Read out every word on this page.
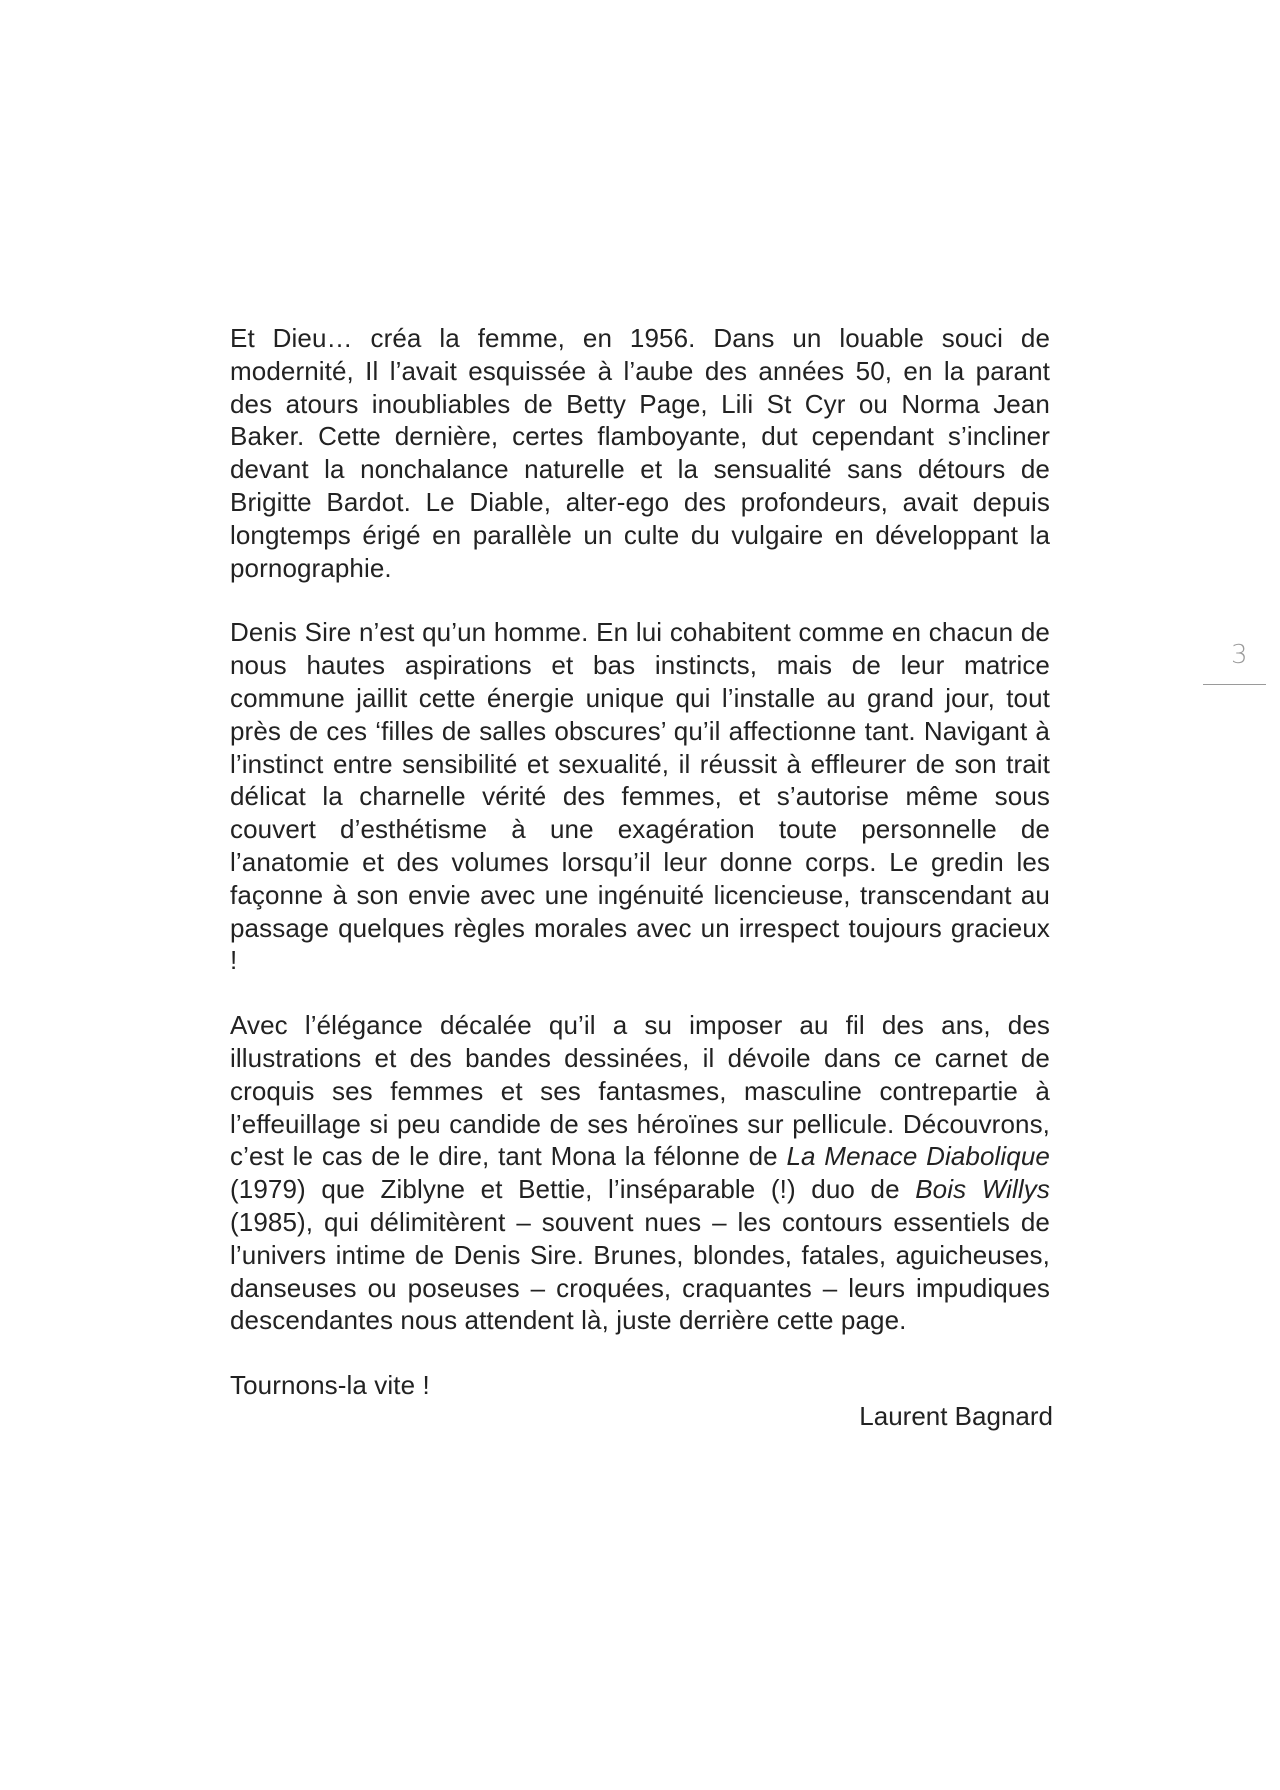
Et Dieu… créa la femme, en 1956. Dans un louable souci de modernité, Il l’avait esquissée à l’aube des années 50, en la parant des atours inoubliables de Betty Page, Lili St Cyr ou Norma Jean Baker. Cette dernière, certes flamboyante, dut cependant s’incliner devant la nonchalance naturelle et la sensualité sans détours de Brigitte Bardot. Le Diable, alter-ego des profondeurs, avait depuis longtemps érigé en parallèle un culte du vulgaire en développant la pornographie.

Denis Sire n’est qu’un homme. En lui cohabitent comme en chacun de nous hautes aspirations et bas instincts, mais de leur matrice commune jaillit cette énergie unique qui l’installe au grand jour, tout près de ces ‘filles de salles obscures’ qu’il affectionne tant. Navigant à l’instinct entre sensibilité et sexualité, il réussit à effleurer de son trait délicat la charnelle vérité des femmes, et s’autorise même sous couvert d’esthétisme à une exagération toute personnelle de l’anatomie et des volumes lorsqu’il leur donne corps. Le gredin les façonne à son envie avec une ingénuité licencieuse, transcendant au passage quelques règles morales avec un irrespect toujours gracieux !

Avec l’élégance décalée qu’il a su imposer au fil des ans, des illustrations et des bandes dessinées, il dévoile dans ce carnet de croquis ses femmes et ses fantasmes, masculine contrepartie à l’effeuillage si peu candide de ses héroïnes sur pellicule. Découvrons, c’est le cas de le dire, tant Mona la félonne de La Menace Diabolique (1979) que Ziblyne et Bettie, l’inséparable (!) duo de Bois Willys (1985), qui délimitèrent – souvent nues – les contours essentiels de l’univers intime de Denis Sire. Brunes, blondes, fatales, aguicheuses, danseuses ou poseuses – croquées, craquantes – leurs impudiques descendantes nous attendent là, juste derrière cette page.

Tournons-la vite !

Laurent Bagnard
3
